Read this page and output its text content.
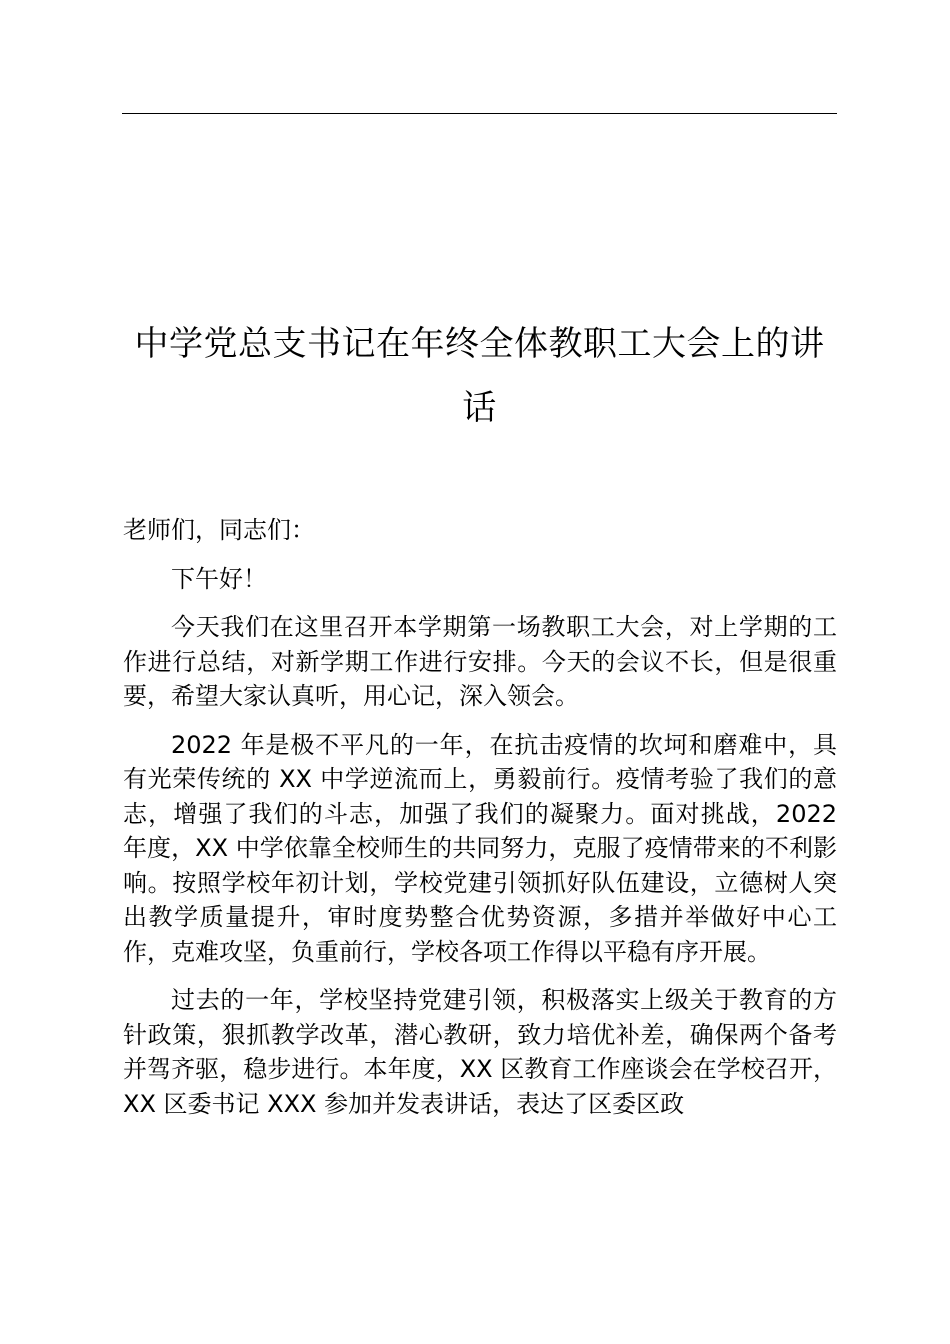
中学党总支书记在年终全体教职工大会上的讲话

老师们，同志们：

下午好！

今天我们在这里召开本学期第一场教职工大会，对上学期的工作进行总结，对新学期工作进行安排。今天的会议不长，但是很重要，希望大家认真听，用心记，深入领会。

2022 年是极不平凡的一年，在抗击疫情的坎坷和磨难中，具有光荣传统的 XX 中学逆流而上，勇毅前行。疫情考验了我们的意志，增强了我们的斗志，加强了我们的凝聚力。面对挑战，2022 年度，XX 中学依靠全校师生的共同努力，克服了疫情带来的不利影响。按照学校年初计划，学校党建引领抓好队伍建设，立德树人突出教学质量提升，审时度势整合优势资源，多措并举做好中心工作，克难攻坚，负重前行，学校各项工作得以平稳有序开展。

过去的一年，学校坚持党建引领，积极落实上级关于教育的方针政策，狠抓教学改革，潜心教研，致力培优补差，确保两个备考并驾齐驱，稳步进行。本年度，XX 区教育工作座谈会在学校召开，XX 区委书记 XXX 参加并发表讲话，表达了区委区政
